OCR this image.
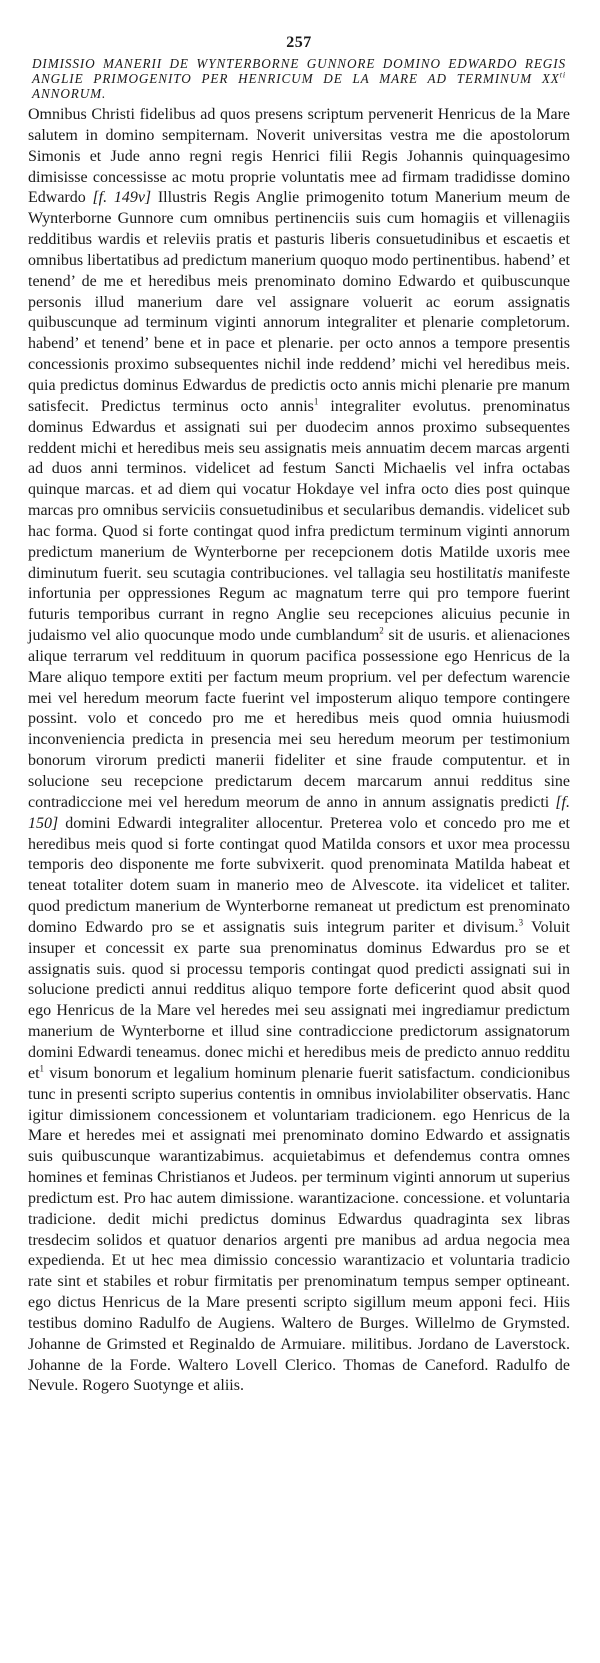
257
DIMISSIO MANERII DE WYNTERBORNE GUNNORE DOMINO EDWARDO REGIS ANGLIE PRIMOGENITO PER HENRICUM DE LA MARE AD TERMINUM $XX^{ti}$ ANNORUM.
Omnibus Christi fidelibus ad quos presens scriptum pervenerit Henricus de la Mare salutem in domino sempiternam. Noverit universitas vestra me die apostolorum Simonis et Jude anno regni regis Henrici filii Regis Johannis quinquagesimo dimisisse concessisse ac motu proprie voluntatis mee ad firmam tradidisse domino Edwardo [f. 149v] Illustris Regis Anglie primogenito totum Manerium meum de Wynterborne Gunnore cum omnibus pertinenciis suis cum homagiis et villenagiis redditibus wardis et releviis pratis et pasturis liberis consuetudinibus et escaetis et omnibus libertatibus ad predictum manerium quoquo modo pertinentibus. habend’ et tenend’ de me et heredibus meis prenominato domino Edwardo et quibuscunque personis illud manerium dare vel assignare voluerit ac eorum assignatis quibuscunque ad terminum viginti annorum integraliter et plenarie completorum. habend’ et tenend’ bene et in pace et plenarie. per octo annos a tempore presentis concessionis proximo subsequentes nichil inde reddend’ michi vel heredibus meis. quia predictus dominus Edwardus de predictis octo annis michi plenarie pre manum satisfecit. Predictus terminus octo annis$^1$ integraliter evolutus. prenominatus dominus Edwardus et assignati sui per duodecim annos proximo subsequentes reddent michi et heredibus meis seu assignatis meis annuatim decem marcas argenti ad duos anni terminos. videlicet ad festum Sancti Michaelis vel infra octabas quinque marcas. et ad diem qui vocatur Hokdaye vel infra octo dies post quinque marcas pro omnibus serviciis consuetudinibus et secularibus demandis. videlicet sub hac forma. Quod si forte contingat quod infra predictum terminum viginti annorum predictum manerium de Wynterborne per recepcionem dotis Matilde uxoris mee diminutum fuerit. seu scutagia contribuciones. vel tallagia seu hostilitatis manifeste infortunia per oppressiones Regum ac magnatum terre qui pro tempore fuerint futuris temporibus currant in regno Anglie seu recepciones alicuius pecunie in judaismo vel alio quocunque modo unde cumblandum$^2$ sit de usuris. et alienaciones alique terrarum vel reddituum in quorum pacifica possessione ego Henricus de la Mare aliquo tempore extiti per factum meum proprium. vel per defectum warencie mei vel heredum meorum facte fuerint vel imposterum aliquo tempore contingere possint. volo et concedo pro me et heredibus meis quod omnia huiusmodi inconveniencia predicta in presencia mei seu heredum meorum per testimonium bonorum virorum predicti manerii fideliter et sine fraude computentur. et in solucione seu recepcione predictarum decem marcarum annui redditus sine contradiccione mei vel heredum meorum de anno in annum assignatis predicti [f. 150] domini Edwardi integraliter allocentur. Preterea volo et concedo pro me et heredibus meis quod si forte contingat quod Matilda consors et uxor mea processu temporis deo disponente me forte subvixerit. quod prenominata Matilda habeat et teneat totaliter dotem suam in manerio meo de Alvescote. ita videlicet et taliter. quod predictum manerium de Wynterborne remaneat ut predictum est prenominato domino Edwardo pro se et assignatis suis integrum pariter et divisum.$^3$ Voluit insuper et concessit ex parte sua prenominatus dominus Edwardus pro se et assignatis suis. quod si processu temporis contingat quod predicti assignati sui in solucione predicti annui redditus aliquo tempore forte deficerint quod absit quod ego Henricus de la Mare vel heredes mei seu assignati mei ingrediamur predictum manerium de Wynterborne et illud sine contradiccione predictorum assignatorum domini Edwardi teneamus. donec michi et heredibus meis de predicto annuo redditu et$^1$ visum bonorum et legalium hominum plenarie fuerit satisfactum. condicionibus tunc in presenti scripto superius contentis in omnibus inviolabiliter observatis. Hanc igitur dimissionem concessionem et voluntariam tradicionem. ego Henricus de la Mare et heredes mei et assignati mei prenominato domino Edwardo et assignatis suis quibuscunque warantizabimus. acquietabimus et defendemus contra omnes homines et feminas Christianos et Judeos. per terminum viginti annorum ut superius predictum est. Pro hac autem dimissione. warantizacione. concessione. et voluntaria tradicione. dedit michi predictus dominus Edwardus quadraginta sex libras tresdecim solidos et quatuor denarios argenti pre manibus ad ardua negocia mea expedienda. Et ut hec mea dimissio concessio warantizacio et voluntaria tradicio rate sint et stabiles et robur firmitatis per prenominatum tempus semper optineant. ego dictus Henricus de la Mare presenti scripto sigillum meum apponi feci. Hiis testibus domino Radulfo de Augiens. Waltero de Burges. Willelmo de Grymsted. Johanne de Grimsted et Reginaldo de Armuiare. militibus. Jordano de Laverstock. Johanne de la Forde. Waltero Lovell Clerico. Thomas de Caneford. Radulfo de Nevule. Rogero Suotynge et aliis.
